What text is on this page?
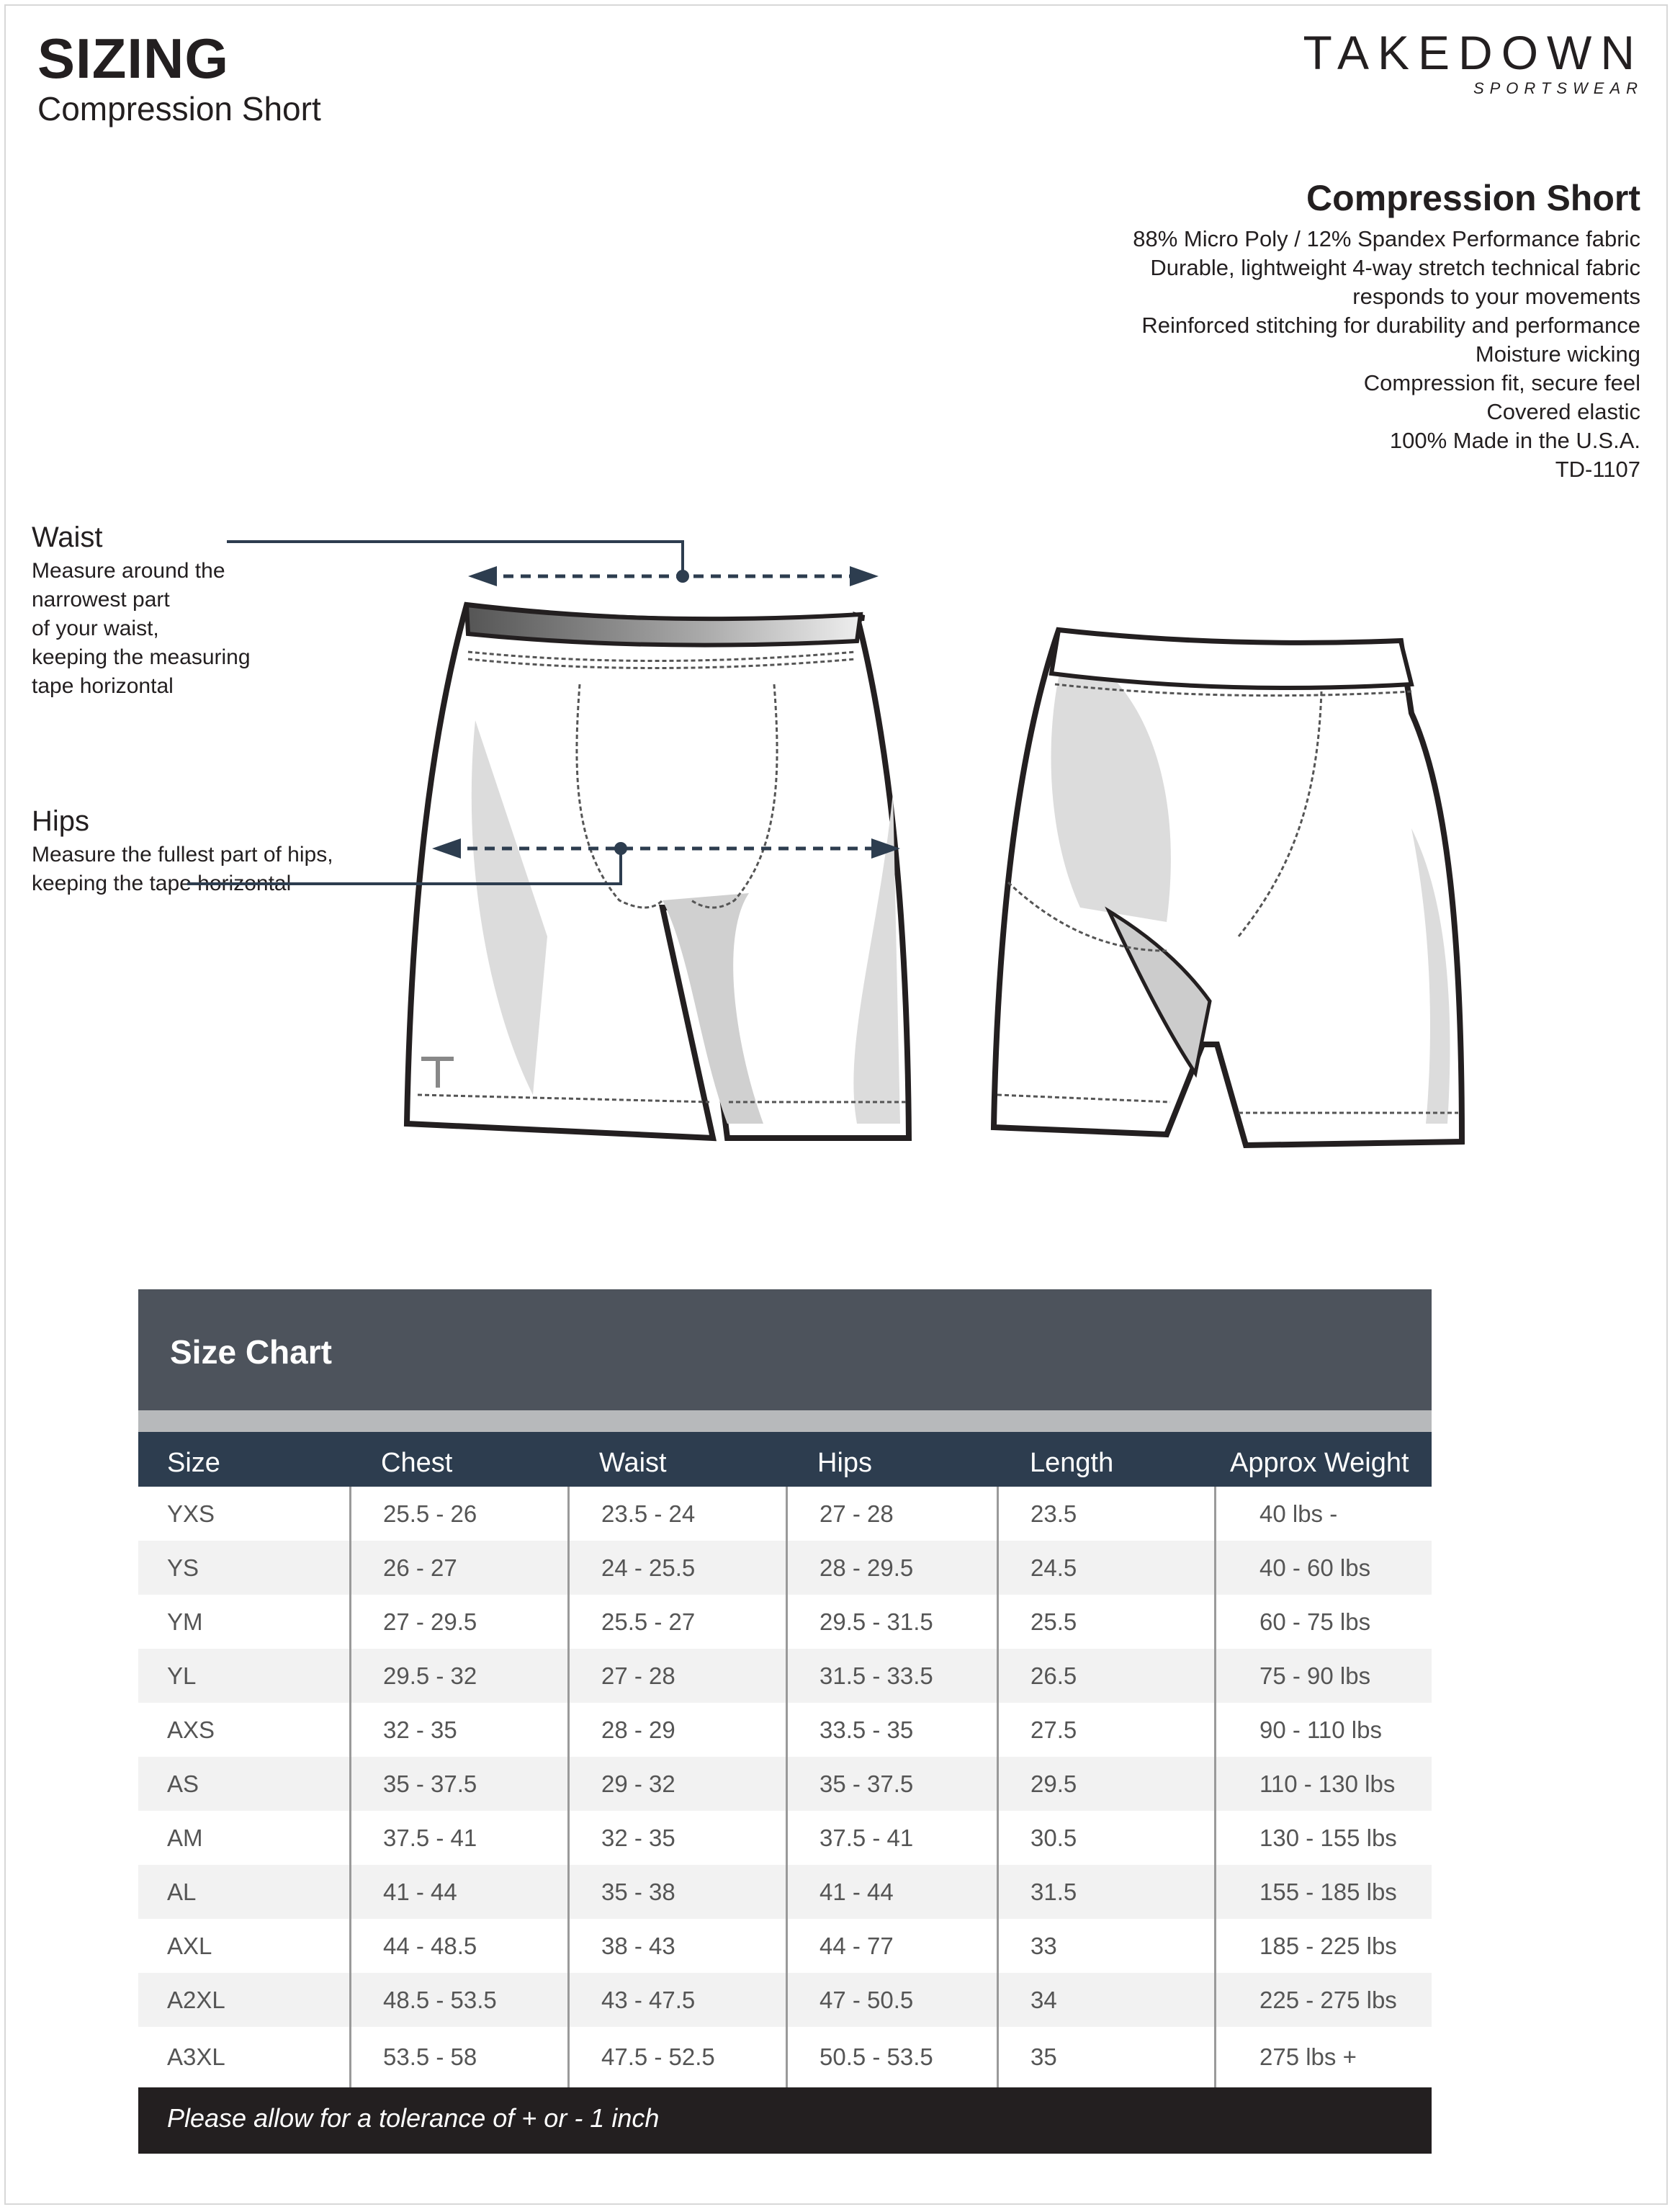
SIZING
Compression Short
TAKEDOWN
SPORTSWEAR
Compression Short
88% Micro Poly / 12% Spandex Performance fabric
Durable, lightweight 4-way stretch technical fabric
responds to your movements
Reinforced stitching for durability and performance
Moisture wicking
Compression fit, secure feel
Covered elastic
100% Made in the U.S.A.
TD-1107
Waist
Measure around the
narrowest part
of your waist,
keeping the measuring
tape horizontal
Hips
Measure the fullest part of hips,
keeping the tape horizontal
Size Chart
Size	Chest	Waist	Hips	Length	Approx Weight
YXS	25.5 - 26	23.5 - 24	27 - 28	23.5	40 lbs -
YS	26 - 27	24 - 25.5	28 - 29.5	24.5	40 - 60 lbs
YM	27 - 29.5	25.5 - 27	29.5 - 31.5	25.5	60 - 75 lbs
YL	29.5 - 32	27 - 28	31.5 - 33.5	26.5	75 - 90 lbs
AXS	32 - 35	28 - 29	33.5 - 35	27.5	90 - 110 lbs
AS	35 - 37.5	29 - 32	35 - 37.5	29.5	110 - 130 lbs
AM	37.5 - 41	32 - 35	37.5 - 41	30.5	130 - 155 lbs
AL	41 - 44	35 - 38	41 - 44	31.5	155 - 185 lbs
AXL	44 - 48.5	38 - 43	44 - 77	33	185 - 225 lbs
A2XL	48.5 - 53.5	43 - 47.5	47 - 50.5	34	225 - 275 lbs
A3XL	53.5 - 58	47.5 - 52.5	50.5 - 53.5	35	275 lbs +
Please allow for a tolerance of + or - 1 inch
